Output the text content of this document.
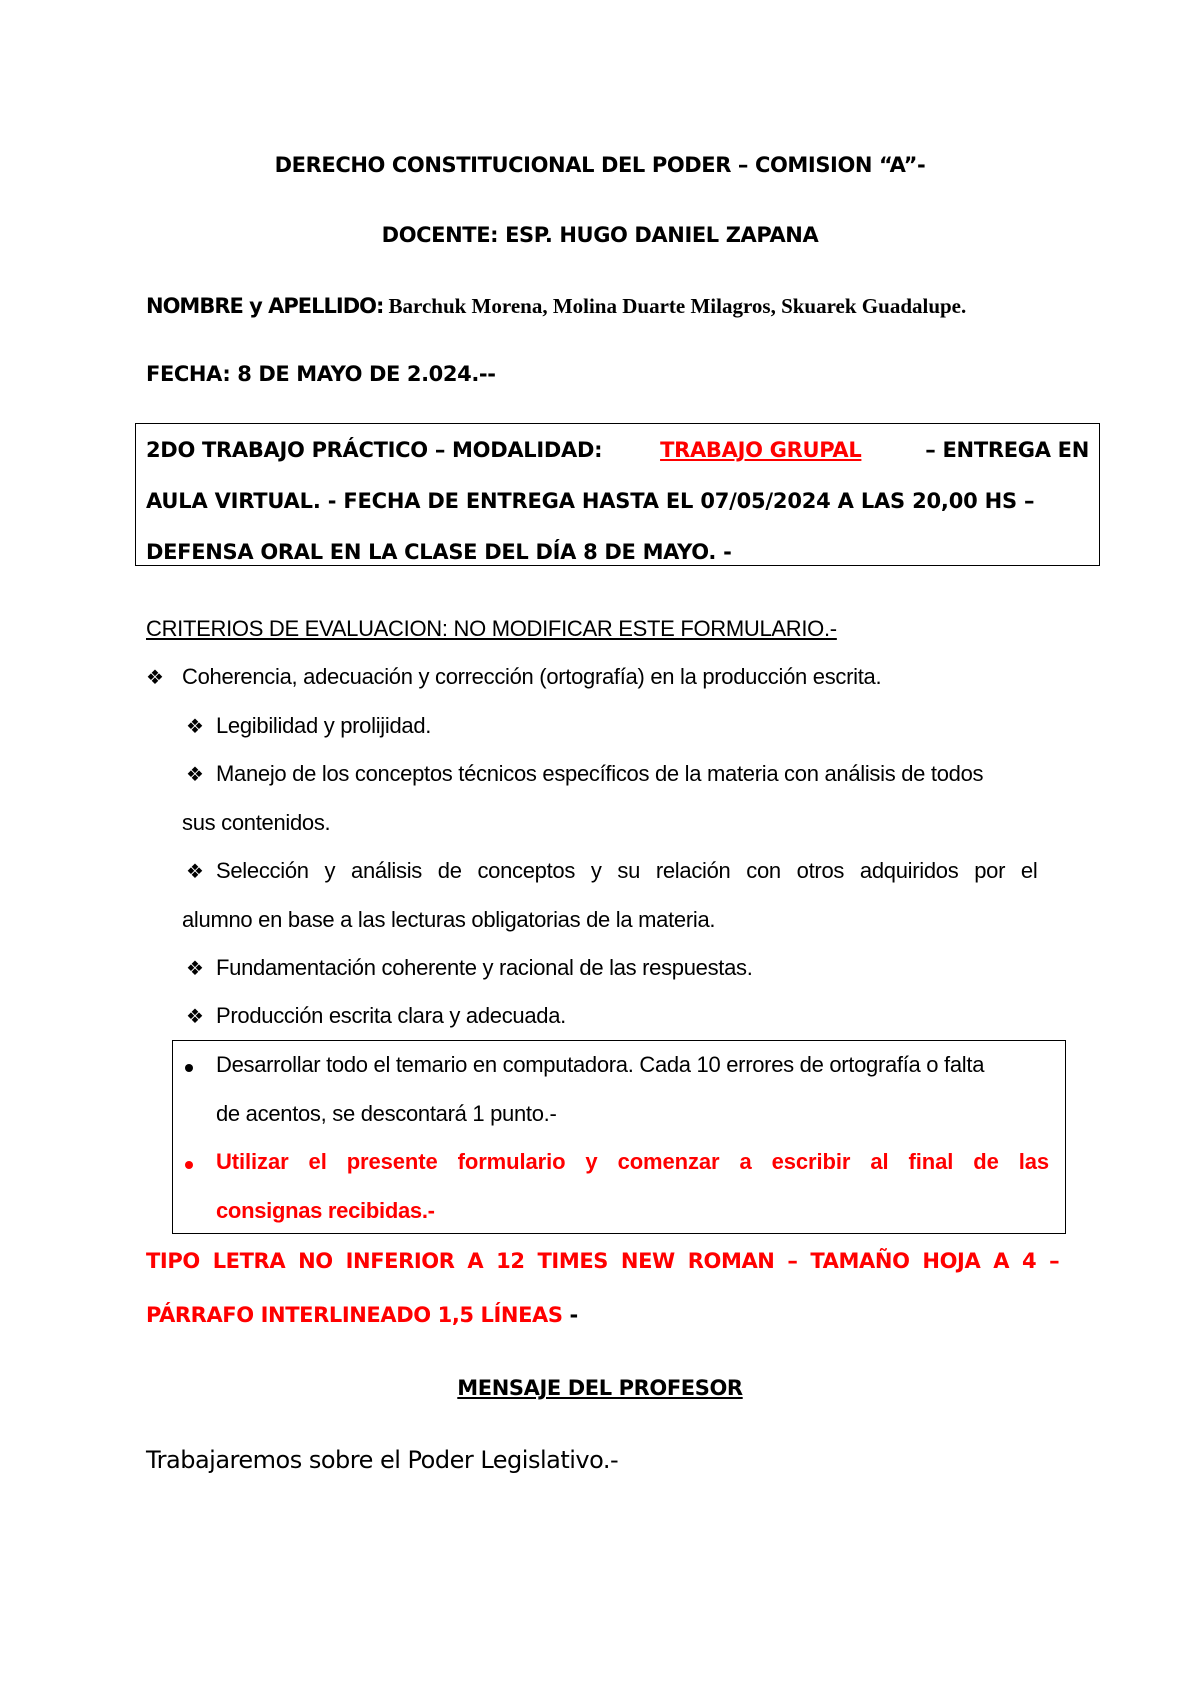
DERECHO CONSTITUCIONAL DEL PODER – COMISION “A”-
DOCENTE: ESP. HUGO DANIEL ZAPANA
NOMBRE y APELLIDO: Barchuk Morena, Molina Duarte Milagros, Skuarek Guadalupe.
FECHA: 8 DE MAYO DE 2.024.--
2DO TRABAJO PRÁCTICO – MODALIDAD:	TRABAJO GRUPAL	– ENTREGA EN
AULA VIRTUAL. - FECHA DE ENTREGA HASTA EL 07/05/2024 A LAS 20,00 HS –
DEFENSA ORAL EN LA CLASE DEL DÍA 8 DE MAYO. -
CRITERIOS DE EVALUACION: NO MODIFICAR ESTE FORMULARIO.-
❖ Coherencia, adecuación y corrección (ortografía) en la producción escrita.
❖ Legibilidad y prolijidad.
❖ Manejo de los conceptos técnicos específicos de la materia con análisis de todos
sus contenidos.
❖ Selección y análisis de conceptos y su relación con otros adquiridos por el
alumno en base a las lecturas obligatorias de la materia.
❖ Fundamentación coherente y racional de las respuestas.
❖ Producción escrita clara y adecuada.
Desarrollar todo el temario en computadora. Cada 10 errores de ortografía o falta
de acentos, se descontará 1 punto.-
Utilizar el presente formulario y comenzar a escribir al final de las
consignas recibidas.-
TIPO LETRA NO INFERIOR A 12 TIMES NEW ROMAN – TAMAÑO HOJA A 4 –
PÁRRAFO INTERLINEADO 1,5 LÍNEAS -
MENSAJE DEL PROFESOR
Trabajaremos sobre el Poder Legislativo.-
